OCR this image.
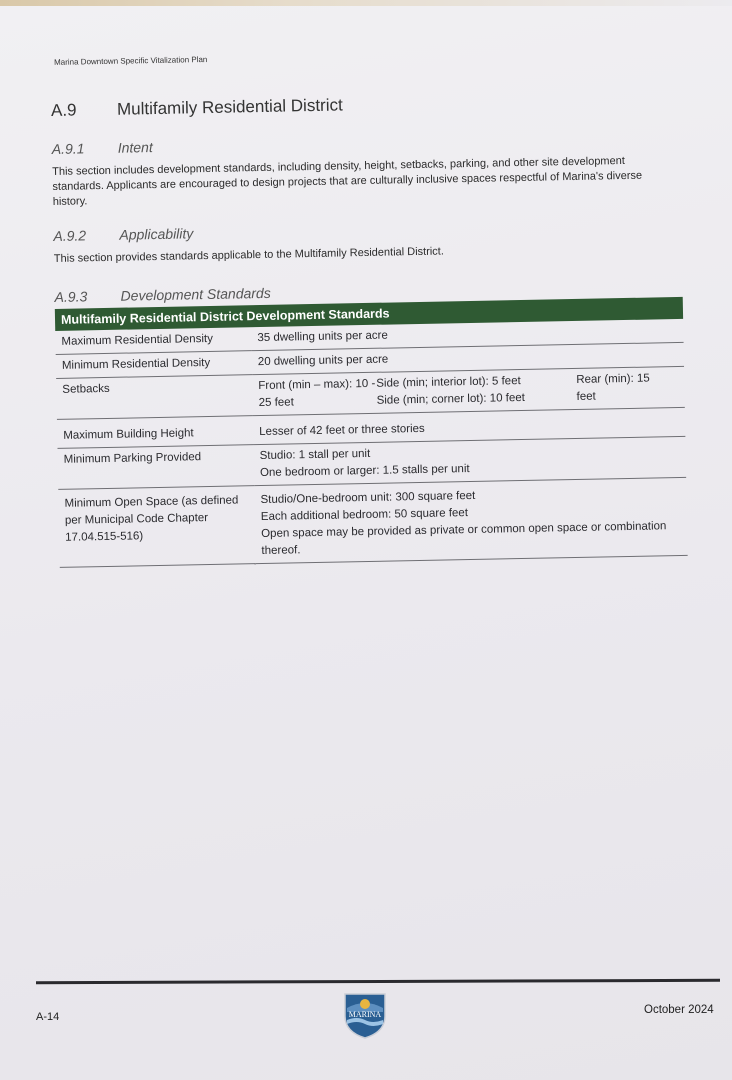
Marina Downtown Specific Vitalization Plan
A.9	Multifamily Residential District
A.9.1	Intent
This section includes development standards, including density, height, setbacks, parking, and other site development standards. Applicants are encouraged to design projects that are culturally inclusive spaces respectful of Marina's diverse history.
A.9.2	Applicability
This section provides standards applicable to the Multifamily Residential District.
A.9.3	Development Standards
Multifamily Residential District Development Standards	
Maximum Residential Density	35 dwelling units per acre
Minimum Residential Density	20 dwelling units per acre
Setbacks	Front (min – max): 10 - 25 feet
Side (min; interior lot): 5 feet
Side (min; corner lot): 10 feet
Rear (min): 15 feet

Maximum Building Height	Lesser of 42 feet or three stories
Minimum Parking Provided	Studio: 1 stall per unit
One bedroom or larger: 1.5 stalls per unit

Minimum Open Space (as defined per Municipal Code Chapter 17.04.515-516)	Studio/One-bedroom unit: 300 square feet
Each additional bedroom: 50 square feet
Open space may be provided as private or common open space or combination thereof.
A-14	MARINA	October 2024
